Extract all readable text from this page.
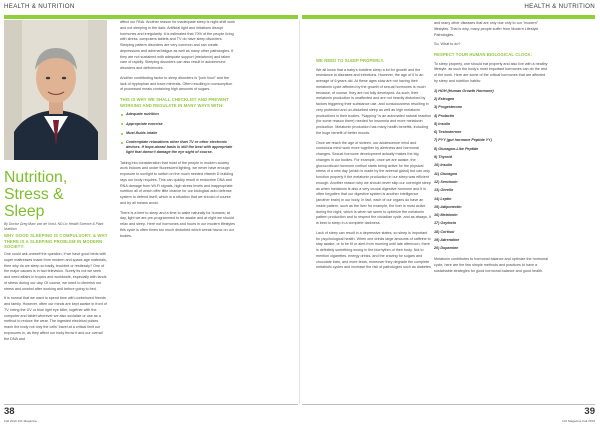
HEALTH & NUTRITION
Nutrition, Stress & Sleep
By Doctor Greg Marc van de Vorst, ND Lic Health Science & Plant Nutrition
WHY GOOD SLEEPING IS COMPULSORY, & WHY THERE IS A SLEEPING PROBLEM IN MODERN SOCIETY:

One could ask oneself the question, if we have good beds with super mattresses made from modern and space-age materials, then why do we sleep so badly, troubled or restlessly? One of the major causes is in fact television. Surely its not we seek and need affairs in tropics and worldwide, especially with lands of stress during our day. Of course, we need to diminish our stress and unwind after working and before going to bed.

It is normal that we want to spend time with ourbeloved friends and family. However, often our minds are kept awake in front of TV, being the UV or blue light eye killer, together with the computer and tablet wherever we also socialize or use as a method to reduce the wear. The ingested electrical pulses reach the body not only the cells' travel at a critical limit our exposures in, as they affect our body throw it and our overall the DNA and

affect our RNA. Another reason for inadequate sleep is night-shift work and not sleeping in the dark. Artificial light and irritations disrupt hormones and irregularity. It is estimated that 70% of the people living with stress, computers tablets and TV do have sleep disorders. Sleeping pattern disorders are very common and can create depressions and adrenal fatigue as well as many other pathologies. If they are not sustained with adequate support (melatonin) and taken care of rapidly. Sleeping disorders can also result in autoimmune disorders and deficiencies.

Another contributing factor to sleep disorders is "junk food" and the lack of tryptophan and trace minerals. Often resulting in consumption of processed meals containing high amounts of sugars.

THIS IS WHY WE SHALL CHECKLIST AND PREVENT WORKING AND REGULATE IN MANY WAYS WITH:
Adequate nutrition
Appropriate exercise
Must-fluids intake
Contemplate relaxations other than TV or other electronic devices. If hope-ahead basis is still the best with appropriate light that doesn't damage the eye sight of course.

Taking into consideration that most of the people in modern society work indoors and under fluorescent lighting, we never have enough exposure to sunlight to switch on the much needed vitamin D building rays our body requires. This can quickly result in endocrine DNA and RNA damage from Wi-Fi signals, high stress levels and inappropriate nutrition all of which offer little chance for our biological auto defense system to defend itself, which is a situation that we should of course and by all means avoid.

There is a time to sleep and a time to wake naturally for humans; at day, light we are pre-programmed to be awake and at night we should relax and sleep. Here not hormones and hours in our modern lifestyles this cycle is often times too much disturbed which wreak havoc on our bodies.

38
Fall 2019 101 Magazine
HEALTH & NUTRITION
WE NEED TO SLEEP PROPERLY.

We all know that a baby's toddlers sleep a lot for growth and the resistance to diseases and infections. However, the age of 0 to an average of 6 years old. At these ages slow are not having their melatonin cycle affected by the growth of sexual hormones is much because, of course, they are not fully developed. As such, their melatonin production is unaffected and are not heavily disturbed by factors triggering their substance use, and consciousness resulting in very protected and un-disturbed sleep as well as high melatonin productions in their bodies. "Napping" is an automated natural reaction (for some reason there) needed for insomnia and more melatonin production. Melatonin production has many health benefits, including the huge benefit of better moods.

Once we reach the age of sixteen, our adolescence mind and conscious mind work more together by alertness and hormonal changes. Sexual hormone development actually makes the big changes in our bodies. For example, once we are awake, the glucocorticoid hormone cortisol starts being active for the physical stress of a new day (which is made by the adrenal gland) but can only function properly if the melatonin production in our sleep was efficient enough. Another reason why we should never skip our overnight sleep as when melatonin is also a very crucial digestive hormone and it is often forgotten that our digestive system is another intelligence (another brain) in our body. In fact, each of our organs do have an inside pattern, such as the liver for example, the liver is most active during the night, which is when we seem to optimize the melatonin pattern production and to respect the circadian cycle, and as always, it is best to sleep in a complete darkness.

Lack of sleep can result in a depressive states, so sleep is important for psychological health. When one drinks large amounts of caffeine to stay awake, or to be fit or alert from morning until late afternoon, there is definitely something wrong in the biorhythm of their body. Not to mention cigarettes, energy drinks, and the craving for sugars and chocolate bars, and more tears, moreover they degrade the complete metabolic cycles and increase the risk of pathologies such as diabetes

and many other diseases that are only due only to our "modern" lifestyles. That is why, many people suffer from Modern Lifestyle Pathologies.

So, What to do?

RESPECT YOUR HUMAN BIOLOGICAL CLOCK:

To sleep properly, one should eat properly and also live with a healthy lifestyle, as such the body's most important hormones can do the rest of the work. Here are some of the critical hormones that are affected by sleep and nutrition habits:

1) HGH (Human Growth Hormone)
2) Estrogen
3) Progesterone
4) Prolactin
5) Insulin
6) Testosterone
7) PYY (gut hormone Peptide YY)
8) Glucagon-Like Peptide
9) Thyroid
10) Insulin
11) Glucagon
12) Serotonin
13) Ghrelin
14) Leptin
15) Adiponectin
16) Melatonin
17) Oxytocin
18) Cortisol
19) Adrenaline
20) Dopamine

Melatonin contributes to hormonal balance and optimize the hormonal cycle, here are the few simple methods and practices to have a sustainable strategies for good hormonal balance and good health.

39
101 Magazine Fall 2019
